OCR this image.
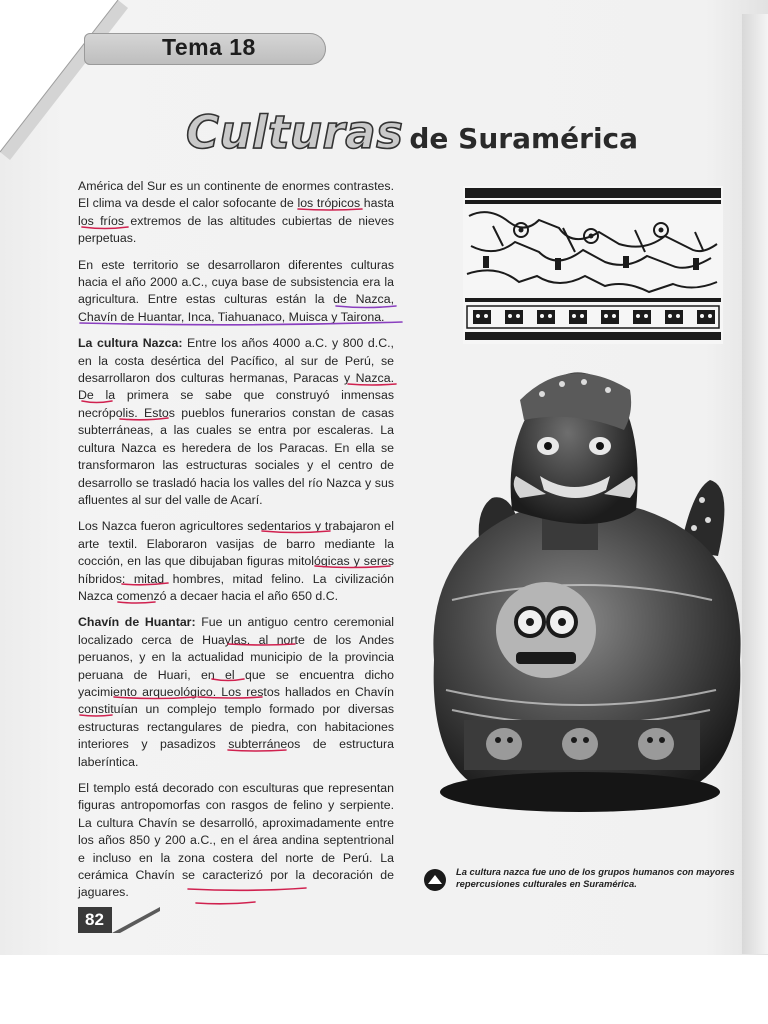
Tema 18
Culturas de Suramérica

América del Sur es un continente de enormes contrastes. El clima va desde el calor sofocante de los trópicos hasta los fríos extremos de las altitudes cubiertas de nieves perpetuas.

En este territorio se desarrollaron diferentes culturas hacia el año 2000 a.C., cuya base de subsistencia era la agricultura. Entre estas culturas están la de Nazca, Chavín de Huantar, Inca, Tiahuanaco, Muisca y Tairona.

La cultura Nazca: Entre los años 4000 a.C. y 800 d.C., en la costa desértica del Pacífico, al sur de Perú, se desarrollaron dos culturas hermanas, Paracas y Nazca. De la primera se sabe que construyó inmensas necrópolis. Estos pueblos funerarios constan de casas subterráneas, a las cuales se entra por escaleras. La cultura Nazca es heredera de los Paracas. En ella se transformaron las estructuras sociales y el centro de desarrollo se trasladó hacia los valles del río Nazca y sus afluentes al sur del valle de Acarí.

Los Nazca fueron agricultores sedentarios y trabajaron el arte textil. Elaboraron vasijas de barro mediante la cocción, en las que dibujaban figuras mitológicas y seres híbridos: mitad hombres, mitad felino. La civilización Nazca comenzó a decaer hacia el año 650 d.C.

Chavín de Huantar: Fue un antiguo centro ceremonial localizado cerca de Huaylas, al norte de los Andes peruanos, y en la actualidad municipio de la provincia peruana de Huari, en el que se encuentra dicho yacimiento arqueológico. Los restos hallados en Chavín constituían un complejo templo formado por diversas estructuras rectangulares de piedra, con habitaciones interiores y pasadizos subterráneos de estructura laberíntica.

El templo está decorado con esculturas que representan figuras antropomorfas con rasgos de felino y serpiente. La cultura Chavín se desarrolló, aproximadamente entre los años 850 y 200 a.C., en el área andina septentrional e incluso en la zona costera del norte de Perú. La cerámica Chavín se caracterizó por la decoración de jaguares.

La cultura nazca fue uno de los grupos humanos con mayores repercusiones culturales en Suramérica.
82
